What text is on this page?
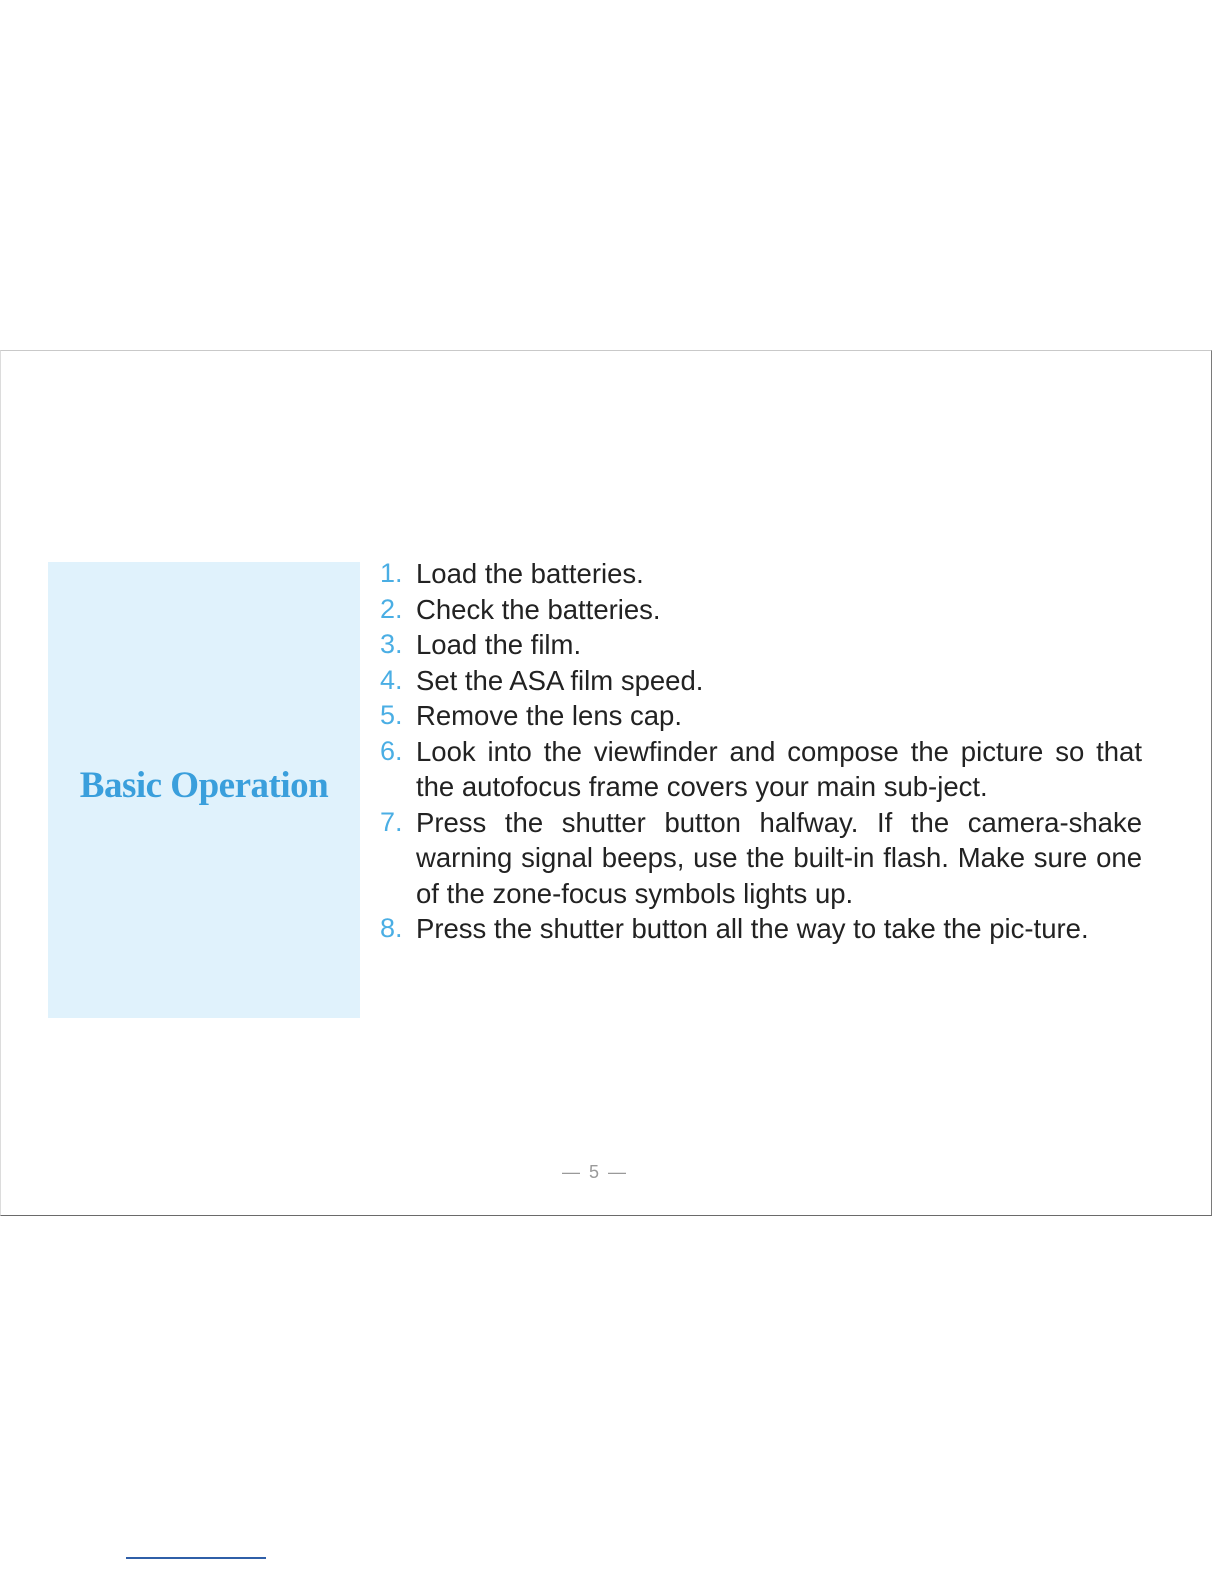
Basic Operation
1. Load the batteries.
2. Check the batteries.
3. Load the film.
4. Set the ASA film speed.
5. Remove the lens cap.
6. Look into the viewfinder and compose the picture so that the autofocus frame covers your main sub-ject.
7. Press the shutter button halfway. If the camera-shake warning signal beeps, use the built-in flash. Make sure one of the zone-focus symbols lights up.
8. Press the shutter button all the way to take the pic-ture.
— 5 —
